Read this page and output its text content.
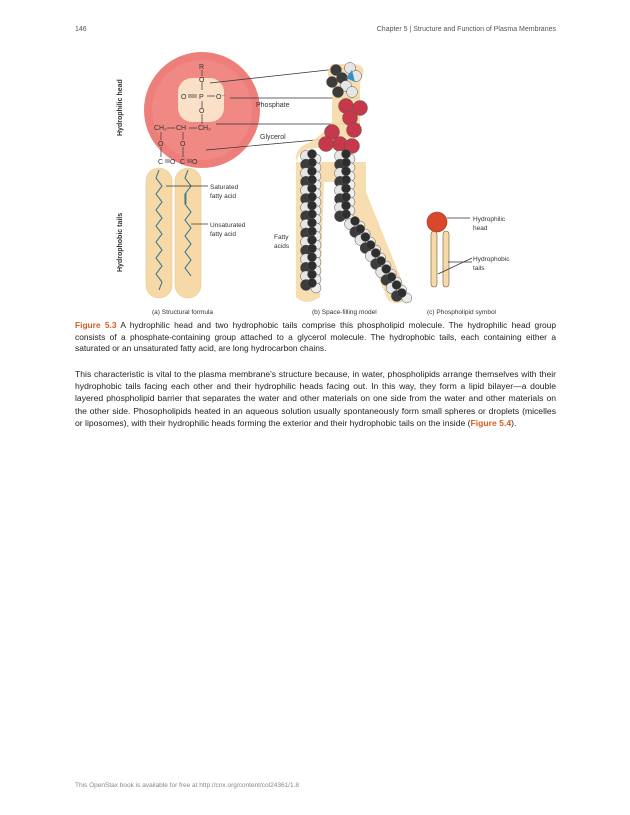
146	Chapter 5 | Structure and Function of Plasma Membranes
R
O
O P O⁻
O
CH₂ CH CH₂
O O
C O C O
Hydrophilic head
Hydrophobic tails
Phosphate
Glycerol
Saturated
fatty acid
Unsaturated
fatty acid	Fatty
acids
Hydrophilic
head
Hydrophobic
tails
(a) Structural formula	(b) Space-filling model	(c) Phospholipid symbol
Figure 5.3 A hydrophilic head and two hydrophobic tails comprise this phospholipid molecule. The hydrophilic head group consists of a phosphate-containing group attached to a glycerol molecule. The hydrophobic tails, each containing either a saturated or an unsaturated fatty acid, are long hydrocarbon chains.
This characteristic is vital to the plasma membrane's structure because, in water, phospholipids arrange themselves with their hydrophobic tails facing each other and their hydrophilic heads facing out. In this way, they form a lipid bilayer—a double layered phospholipid barrier that separates the water and other materials on one side from the water and other materials on the other side. Phosopholipids heated in an aqueous solution usually spontaneously form small spheres or droplets (micelles or liposomes), with their hydrophilic heads forming the exterior and their hydrophobic tails on the inside (Figure 5.4).
This OpenStax book is available for free at http://cnx.org/content/col24361/1.8
